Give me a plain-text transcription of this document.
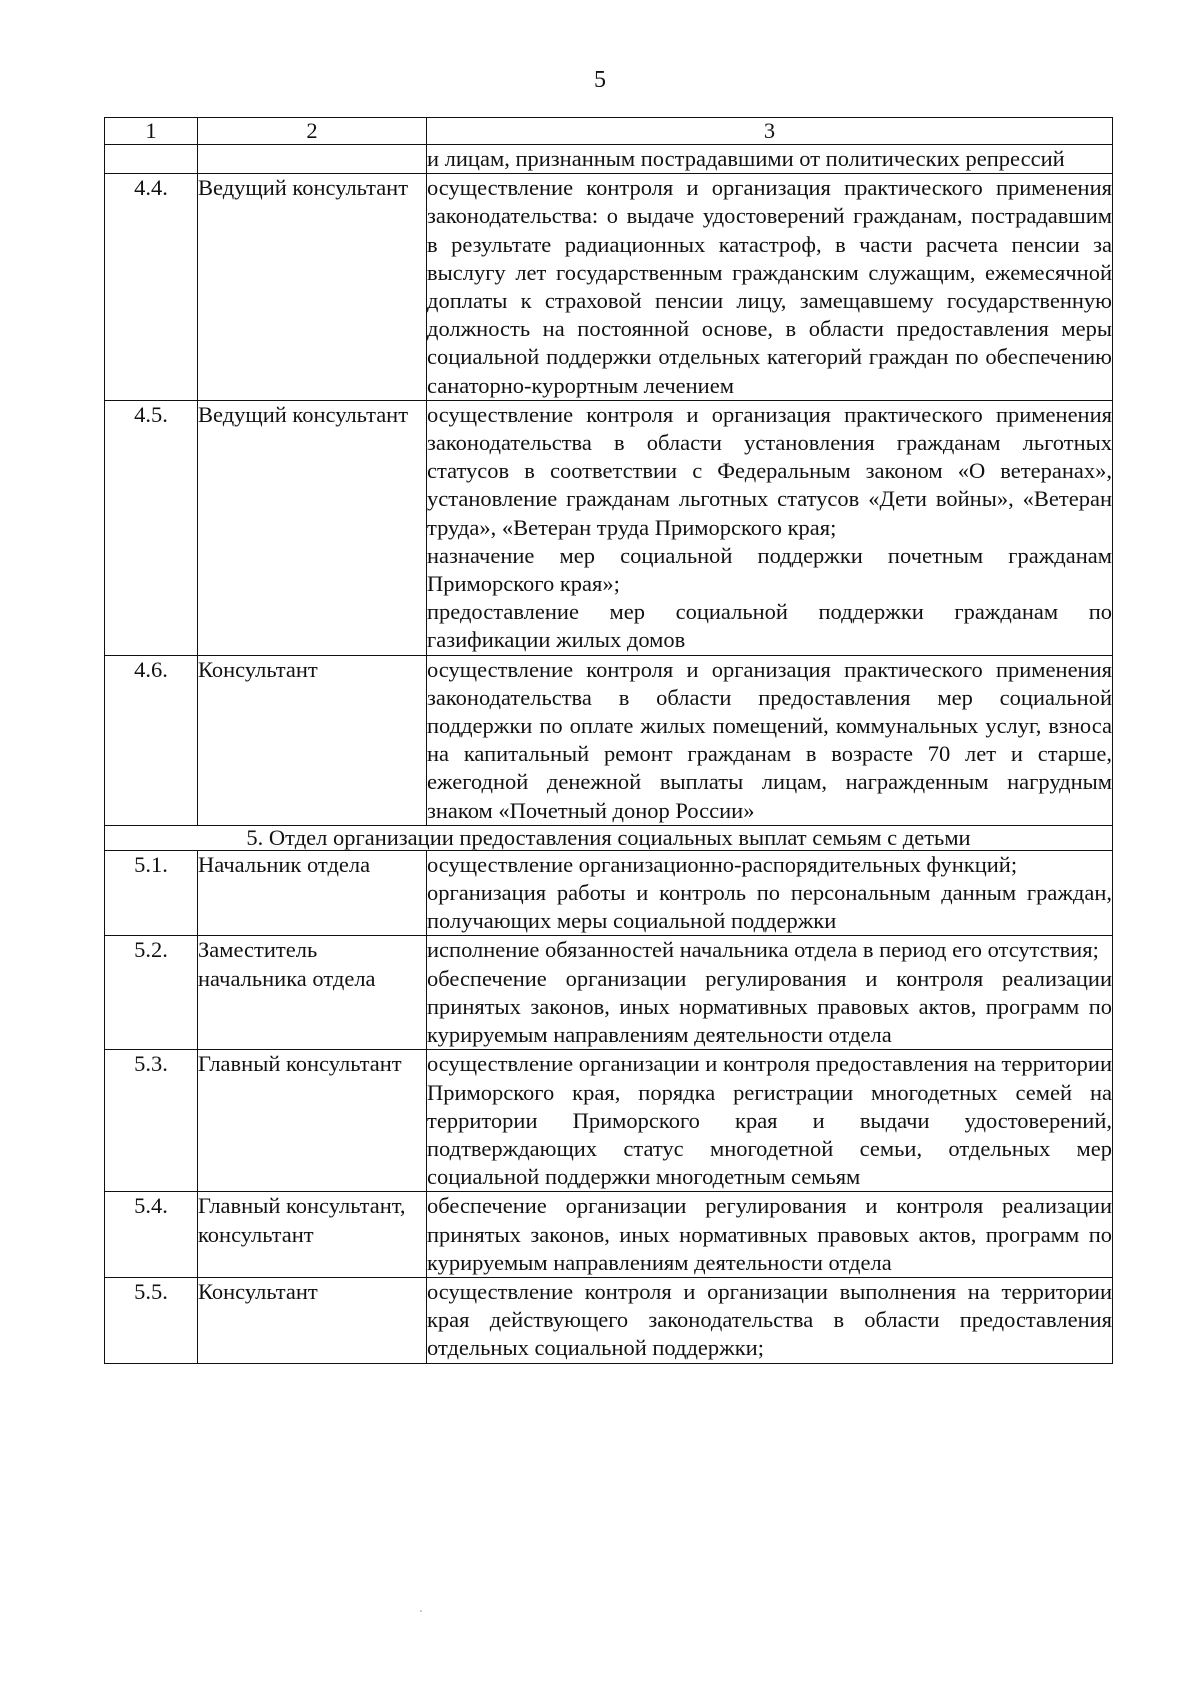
5
1	2	3

		и лицам, признанным пострадавшими от политических репрессий

4.4.	Ведущий консультант	осуществление контроля и организация практического применения законодательства: о выдаче удостоверений гражданам, пострадавшим в результате радиационных катастроф, в части расчета пенсии за выслугу лет государственным гражданским служащим, ежемесячной доплаты к страховой пенсии лицу, замещавшему государственную должность на постоянной основе, в области предоставления меры социальной поддержки отдельных категорий граждан по обеспечению санаторно-курортным лечением

4.5.	Ведущий консультант	осуществление контроля и организация практического применения законодательства в области установления гражданам льготных статусов в соответствии с Федеральным законом «О ветеранах», установление гражданам льготных статусов «Дети войны», «Ветеран труда», «Ветеран труда Приморского края;
назначение мер социальной поддержки почетным гражданам Приморского края»;
предоставление мер социальной поддержки гражданам по газификации жилых домов

4.6.	Консультант	осуществление контроля и организация практического применения законодательства в области предоставления мер социальной поддержки по оплате жилых помещений, коммунальных услуг, взноса на капитальный ремонт гражданам в возрасте 70 лет и старше, ежегодной денежной выплаты лицам, награжденным нагрудным знаком «Почетный донор России»

5. Отдел организации предоставления социальных выплат семьям с детьми		
5.1.	Начальник отдела	осуществление организационно-распорядительных функций;
организация работы и контроль по персональным данным граждан, получающих меры социальной поддержки

5.2.	Заместитель начальника отдела	исполнение обязанностей начальника отдела в период его отсутствия;
обеспечение организации регулирования и контроля реализации принятых законов, иных нормативных правовых актов, программ по курируемым направлениям деятельности отдела

5.3.	Главный консультант	осуществление организации и контроля предоставления на территории Приморского края, порядка регистрации многодетных семей на территории Приморского края и выдачи удостоверений, подтверждающих статус многодетной семьи, отдельных мер социальной поддержки многодетным семьям

5.4.	Главный консультант, консультант	обеспечение организации регулирования и контроля реализации принятых законов, иных нормативных правовых актов, программ по курируемым направлениям деятельности отдела

5.5.	Консультант	осуществление контроля и организации выполнения на территории края действующего законодательства в области предоставления отдельных социальной поддержки;
